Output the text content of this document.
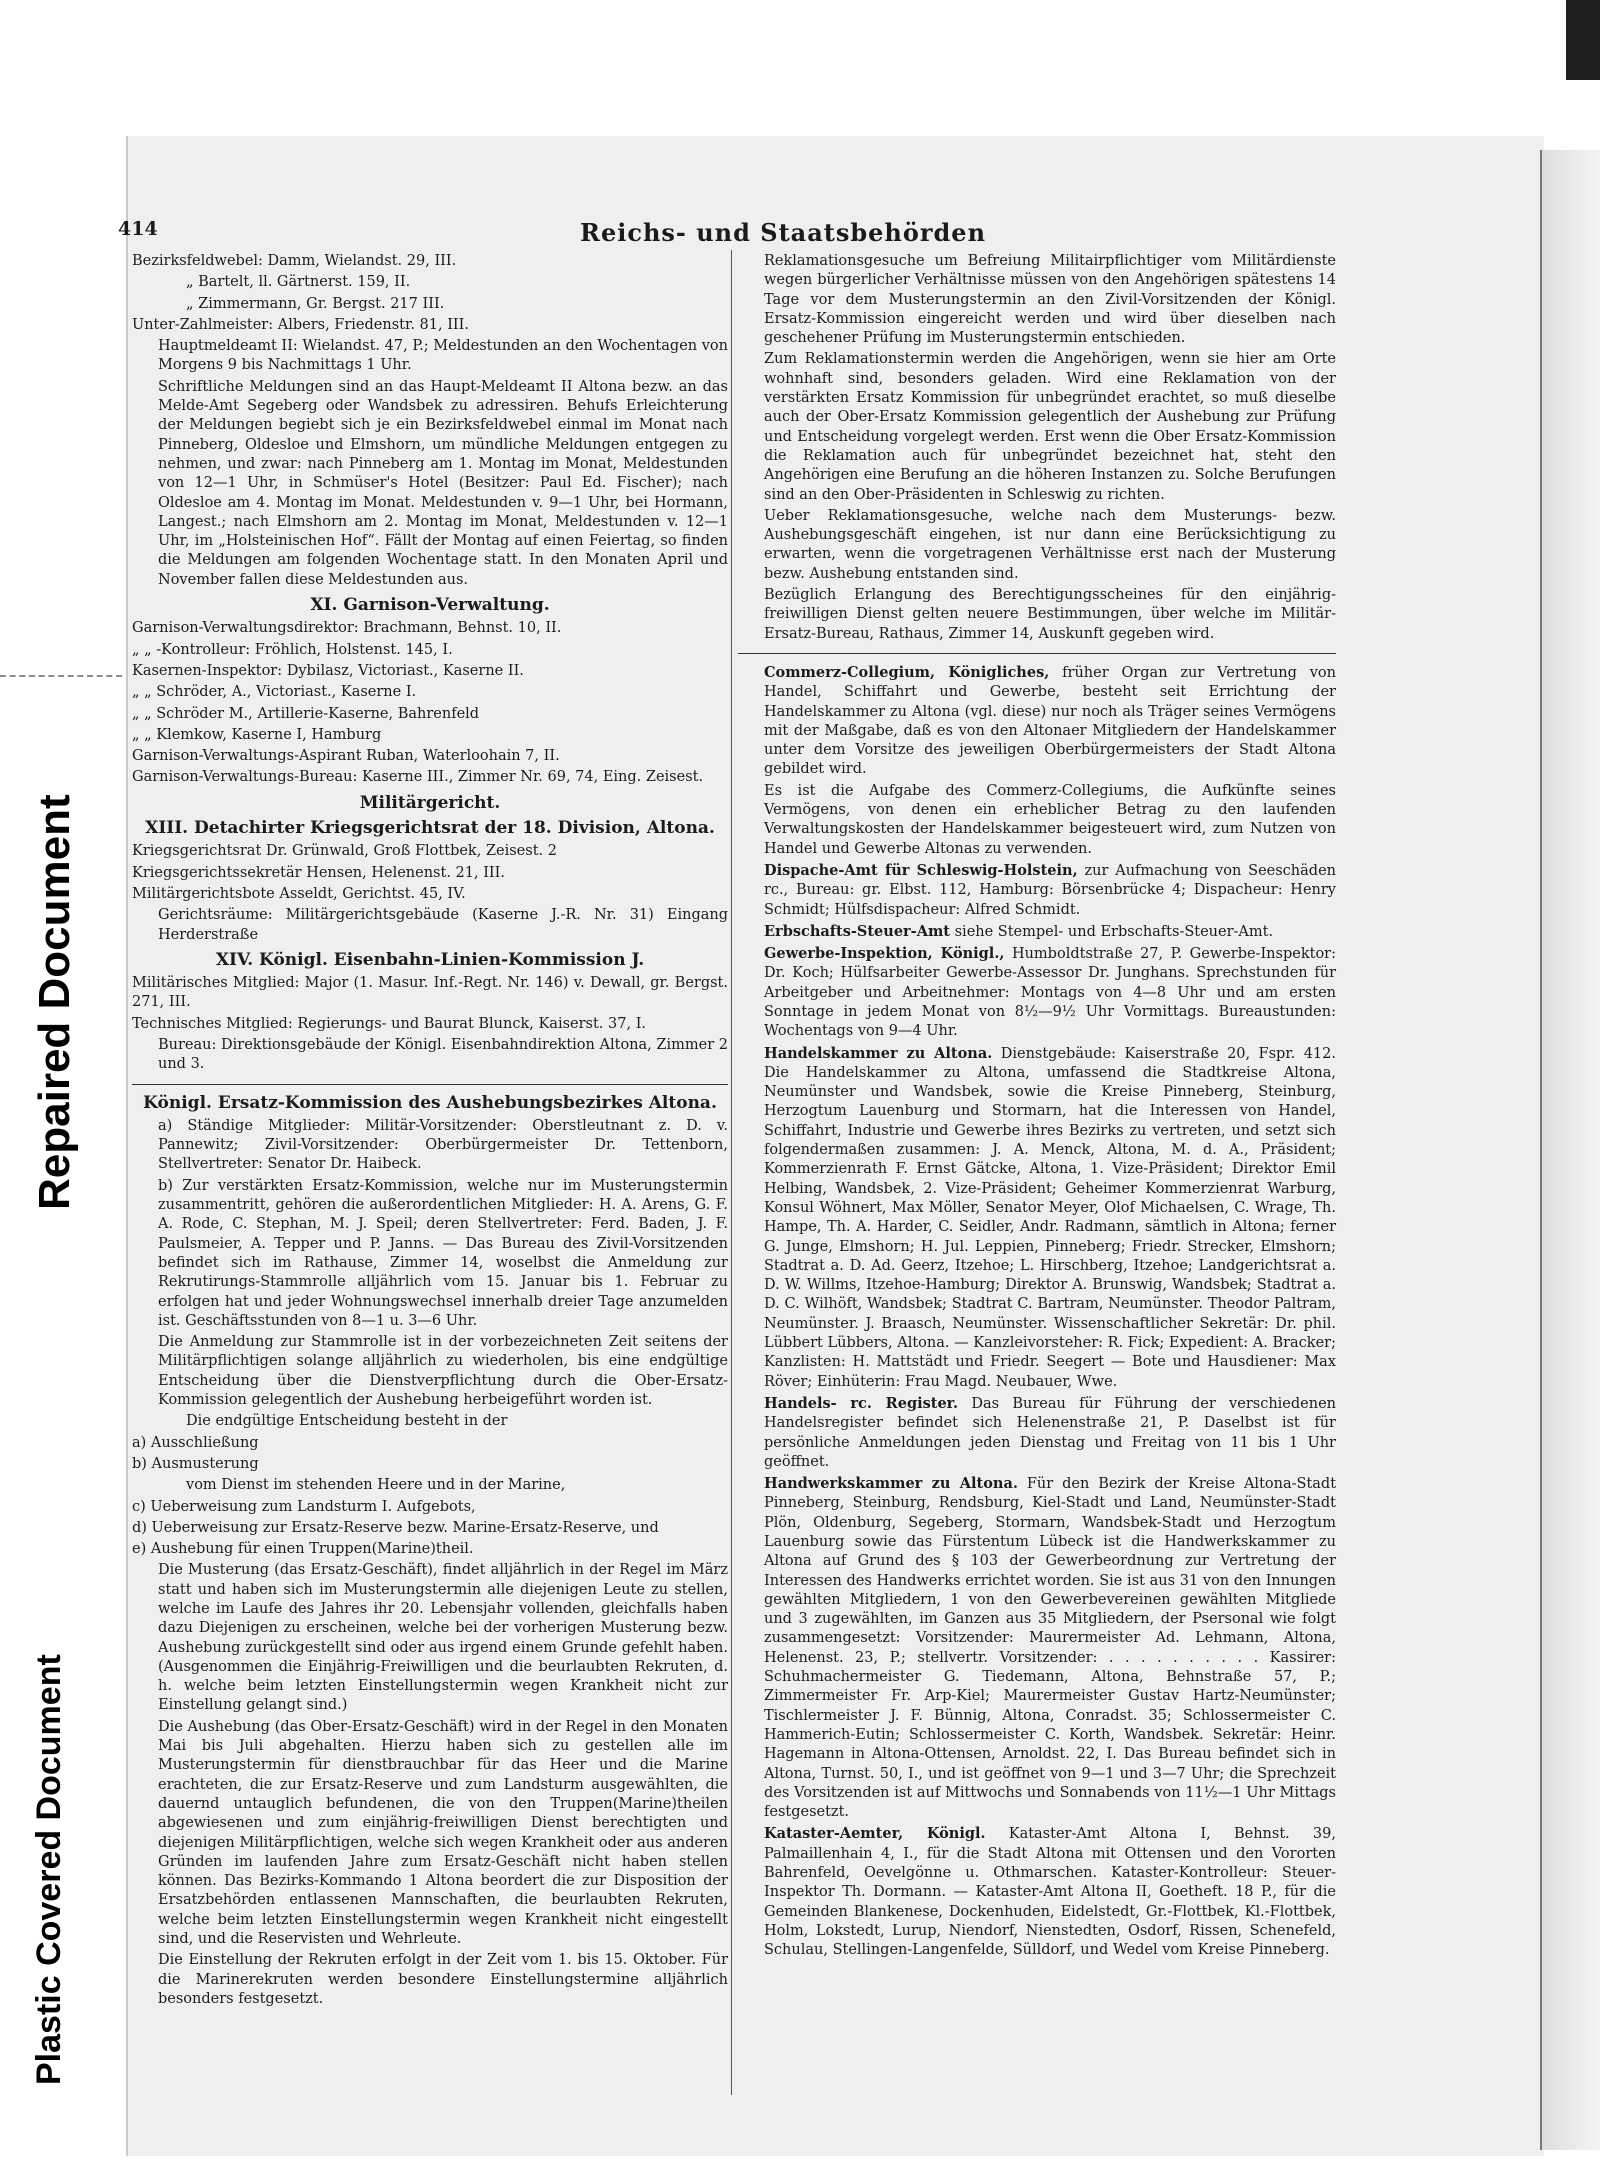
Repaired Document
Plastic Covered Document
414	Reichs- und Staatsbehörden

Bezirksfeldwebel: Damm, Wielandst. 29, III.

„ Bartelt, ll. Gärtnerst. 159, II.

„ Zimmermann, Gr. Bergst. 217 III.

Unter-Zahlmeister: Albers, Friedenstr. 81, III.

Hauptmeldeamt II: Wielandst. 47, P.; Meldestunden an den Wochentagen von Morgens 9 bis Nachmittags 1 Uhr.

Schriftliche Meldungen sind an das Haupt-Meldeamt II Altona bezw. an das Melde-Amt Segeberg oder Wandsbek zu adressiren. Behufs Erleichterung der Meldungen begiebt sich je ein Bezirksfeldwebel einmal im Monat nach Pinneberg, Oldesloe und Elmshorn, um mündliche Meldungen entgegen zu nehmen, und zwar: nach Pinneberg am 1. Montag im Monat, Meldestunden von 12—1 Uhr, in Schmüser's Hotel (Besitzer: Paul Ed. Fischer); nach Oldesloe am 4. Montag im Monat. Meldestunden v. 9—1 Uhr, bei Hormann, Langest.; nach Elmshorn am 2. Montag im Monat, Meldestunden v. 12—1 Uhr, im „Holsteinischen Hof“. Fällt der Montag auf einen Feiertag, so finden die Meldungen am folgenden Wochentage statt. In den Monaten April und November fallen diese Meldestunden aus.

XI. Garnison-Verwaltung.

Garnison-Verwaltungsdirektor: Brachmann, Behnst. 10, II.

„ „ -Kontrolleur: Fröhlich, Holstenst. 145, I.

Kasernen-Inspektor: Dybilasz, Victoriast., Kaserne II.

„ „ Schröder, A., Victoriast., Kaserne I.

„ „ Schröder M., Artillerie-Kaserne, Bahrenfeld

„ „ Klemkow, Kaserne I, Hamburg

Garnison-Verwaltungs-Aspirant Ruban, Waterloohain 7, II.

Garnison-Verwaltungs-Bureau: Kaserne III., Zimmer Nr. 69, 74, Eing. Zeisest.

Militärgericht.
XIII. Detachirter Kriegsgerichtsrat der 18. Division, Altona.

Kriegsgerichtsrat Dr. Grünwald, Groß Flottbek, Zeisest. 2

Kriegsgerichtssekretär Hensen, Helenenst. 21, III.

Militärgerichtsbote Asseldt, Gerichtst. 45, IV.

Gerichtsräume: Militärgerichtsgebäude (Kaserne J.-R. Nr. 31) Eingang Herderstraße

XIV. Königl. Eisenbahn-Linien-Kommission J.

Militärisches Mitglied: Major (1. Masur. Inf.-Regt. Nr. 146) v. Dewall, gr. Bergst. 271, III.

Technisches Mitglied: Regierungs- und Baurat Blunck, Kaiserst. 37, I.

Bureau: Direktionsgebäude der Königl. Eisenbahndirektion Altona, Zimmer 2 und 3.

Königl. Ersatz-Kommission des Aushebungsbezirkes Altona.

a) Ständige Mitglieder: Militär-Vorsitzender: Oberstleutnant z. D. v. Pannewitz; Zivil-Vorsitzender: Oberbürgermeister Dr. Tettenborn, Stellvertreter: Senator Dr. Haibeck.

b) Zur verstärkten Ersatz-Kommission, welche nur im Musterungstermin zusammentritt, gehören die außerordentlichen Mitglieder: H. A. Arens, G. F. A. Rode, C. Stephan, M. J. Speil; deren Stellvertreter: Ferd. Baden, J. F. Paulsmeier, A. Tepper und P. Janns. — Das Bureau des Zivil-Vorsitzenden befindet sich im Rathause, Zimmer 14, woselbst die Anmeldung zur Rekrutirungs-Stammrolle alljährlich vom 15. Januar bis 1. Februar zu erfolgen hat und jeder Wohnungswechsel innerhalb dreier Tage anzumelden ist. Geschäftsstunden von 8—1 u. 3—6 Uhr.

Die Anmeldung zur Stammrolle ist in der vorbezeichneten Zeit seitens der Militärpflichtigen solange alljährlich zu wiederholen, bis eine endgültige Entscheidung über die Dienstverpflichtung durch die Ober-Ersatz-Kommission gelegentlich der Aushebung herbeigeführt worden ist.

Die endgültige Entscheidung besteht in der

a) Ausschließung

b) Ausmusterung

vom Dienst im stehenden Heere und in der Marine,

c) Ueberweisung zum Landsturm I. Aufgebots,

d) Ueberweisung zur Ersatz-Reserve bezw. Marine-Ersatz-Reserve, und

e) Aushebung für einen Truppen(Marine)theil.

Die Musterung (das Ersatz-Geschäft), findet alljährlich in der Regel im März statt und haben sich im Musterungstermin alle diejenigen Leute zu stellen, welche im Laufe des Jahres ihr 20. Lebensjahr vollenden, gleichfalls haben dazu Diejenigen zu erscheinen, welche bei der vorherigen Musterung bezw. Aushebung zurückgestellt sind oder aus irgend einem Grunde gefehlt haben. (Ausgenommen die Einjährig-Freiwilligen und die beurlaubten Rekruten, d. h. welche beim letzten Einstellungstermin wegen Krankheit nicht zur Einstellung gelangt sind.)

Die Aushebung (das Ober-Ersatz-Geschäft) wird in der Regel in den Monaten Mai bis Juli abgehalten. Hierzu haben sich zu gestellen alle im Musterungstermin für dienstbrauchbar für das Heer und die Marine erachteten, die zur Ersatz-Reserve und zum Landsturm ausgewählten, die dauernd untauglich befundenen, die von den Truppen(Marine)theilen abgewiesenen und zum einjährig-freiwilligen Dienst berechtigten und diejenigen Militärpflichtigen, welche sich wegen Krankheit oder aus anderen Gründen im laufenden Jahre zum Ersatz-Geschäft nicht haben stellen können. Das Bezirks-Kommando 1 Altona beordert die zur Disposition der Ersatzbehörden entlassenen Mannschaften, die beurlaubten Rekruten, welche beim letzten Einstellungstermin wegen Krankheit nicht eingestellt sind, und die Reservisten und Wehrleute.

Die Einstellung der Rekruten erfolgt in der Zeit vom 1. bis 15. Oktober. Für die Marinerekruten werden besondere Einstellungstermine alljährlich besonders festgesetzt.

Reklamationsgesuche um Befreiung Militairpflichtiger vom Militärdienste wegen bürgerlicher Verhältnisse müssen von den Angehörigen spätestens 14 Tage vor dem Musterungstermin an den Zivil-Vorsitzenden der Königl. Ersatz-Kommission eingereicht werden und wird über dieselben nach geschehener Prüfung im Musterungstermin entschieden.

Zum Reklamationstermin werden die Angehörigen, wenn sie hier am Orte wohnhaft sind, besonders geladen. Wird eine Reklamation von der verstärkten Ersatz Kommission für unbegründet erachtet, so muß dieselbe auch der Ober-Ersatz Kommission gelegentlich der Aushebung zur Prüfung und Entscheidung vorgelegt werden. Erst wenn die Ober Ersatz-Kommission die Reklamation auch für unbegründet bezeichnet hat, steht den Angehörigen eine Berufung an die höheren Instanzen zu. Solche Berufungen sind an den Ober-Präsidenten in Schleswig zu richten.

Ueber Reklamationsgesuche, welche nach dem Musterungs- bezw. Aushebungsgeschäft eingehen, ist nur dann eine Berücksichtigung zu erwarten, wenn die vorgetragenen Verhältnisse erst nach der Musterung bezw. Aushebung entstanden sind.

Bezüglich Erlangung des Berechtigungsscheines für den einjährig-freiwilligen Dienst gelten neuere Bestimmungen, über welche im Militär-Ersatz-Bureau, Rathaus, Zimmer 14, Auskunft gegeben wird.

Commerz-Collegium, Königliches, früher Organ zur Vertretung von Handel, Schiffahrt und Gewerbe, besteht seit Errichtung der Handelskammer zu Altona (vgl. diese) nur noch als Träger seines Vermögens mit der Maßgabe, daß es von den Altonaer Mitgliedern der Handelskammer unter dem Vorsitze des jeweiligen Oberbürgermeisters der Stadt Altona gebildet wird.

Es ist die Aufgabe des Commerz-Collegiums, die Aufkünfte seines Vermögens, von denen ein erheblicher Betrag zu den laufenden Verwaltungskosten der Handelskammer beigesteuert wird, zum Nutzen von Handel und Gewerbe Altonas zu verwenden.

Dispache-Amt für Schleswig-Holstein, zur Aufmachung von Seeschäden rc., Bureau: gr. Elbst. 112, Hamburg: Börsenbrücke 4; Dispacheur: Henry Schmidt; Hülfsdispacheur: Alfred Schmidt.

Erbschafts-Steuer-Amt siehe Stempel- und Erbschafts-Steuer-Amt.

Gewerbe-Inspektion, Königl., Humboldtstraße 27, P. Gewerbe-Inspektor: Dr. Koch; Hülfsarbeiter Gewerbe-Assessor Dr. Junghans. Sprechstunden für Arbeitgeber und Arbeitnehmer: Montags von 4—8 Uhr und am ersten Sonntage in jedem Monat von 8½—9½ Uhr Vormittags. Bureaustunden: Wochentags von 9—4 Uhr.

Handelskammer zu Altona. Dienstgebäude: Kaiserstraße 20, Fspr. 412. Die Handelskammer zu Altona, umfassend die Stadtkreise Altona, Neumünster und Wandsbek, sowie die Kreise Pinneberg, Steinburg, Herzogtum Lauenburg und Stormarn, hat die Interessen von Handel, Schiffahrt, Industrie und Gewerbe ihres Bezirks zu vertreten, und setzt sich folgendermaßen zusammen: J. A. Menck, Altona, M. d. A., Präsident; Kommerzienrath F. Ernst Gätcke, Altona, 1. Vize-Präsident; Direktor Emil Helbing, Wandsbek, 2. Vize-Präsident; Geheimer Kommerzienrat Warburg, Konsul Wöhnert, Max Möller, Senator Meyer, Olof Michaelsen, C. Wrage, Th. Hampe, Th. A. Harder, C. Seidler, Andr. Radmann, sämtlich in Altona; ferner G. Junge, Elmshorn; H. Jul. Leppien, Pinneberg; Friedr. Strecker, Elmshorn; Stadtrat a. D. Ad. Geerz, Itzehoe; L. Hirschberg, Itzehoe; Landgerichtsrat a. D. W. Willms, Itzehoe-Hamburg; Direktor A. Brunswig, Wandsbek; Stadtrat a. D. C. Wilhöft, Wandsbek; Stadtrat C. Bartram, Neumünster. Theodor Paltram, Neumünster. J. Braasch, Neumünster. Wissenschaftlicher Sekretär: Dr. phil. Lübbert Lübbers, Altona. — Kanzleivorsteher: R. Fick; Expedient: A. Bracker; Kanzlisten: H. Mattstädt und Friedr. Seegert — Bote und Hausdiener: Max Röver; Einhüterin: Frau Magd. Neubauer, Wwe.

Handels- rc. Register. Das Bureau für Führung der verschiedenen Handelsregister befindet sich Helenenstraße 21, P. Daselbst ist für persönliche Anmeldungen jeden Dienstag und Freitag von 11 bis 1 Uhr geöffnet.

Handwerkskammer zu Altona. Für den Bezirk der Kreise Altona-Stadt Pinneberg, Steinburg, Rendsburg, Kiel-Stadt und Land, Neumünster-Stadt Plön, Oldenburg, Segeberg, Stormarn, Wandsbek-Stadt und Herzogtum Lauenburg sowie das Fürstentum Lübeck ist die Handwerkskammer zu Altona auf Grund des § 103 der Gewerbeordnung zur Vertretung der Interessen des Handwerks errichtet worden. Sie ist aus 31 von den Innungen gewählten Mitgliedern, 1 von den Gewerbevereinen gewählten Mitgliede und 3 zugewählten, im Ganzen aus 35 Mitgliedern, der Psersonal wie folgt zusammengesetzt: Vorsitzender: Maurermeister Ad. Lehmann, Altona, Helenenst. 23, P.; stellvertr. Vorsitzender: . . . . . . . . . . Kassirer: Schuhmachermeister G. Tiedemann, Altona, Behnstraße 57, P.; Zimmermeister Fr. Arp-Kiel; Maurermeister Gustav Hartz-Neumünster; Tischlermeister J. F. Bünnig, Altona, Conradst. 35; Schlossermeister C. Hammerich-Eutin; Schlossermeister C. Korth, Wandsbek. Sekretär: Heinr. Hagemann in Altona-Ottensen, Arnoldst. 22, I. Das Bureau befindet sich in Altona, Turnst. 50, I., und ist geöffnet von 9—1 und 3—7 Uhr; die Sprechzeit des Vorsitzenden ist auf Mittwochs und Sonnabends von 11½—1 Uhr Mittags festgesetzt.

Kataster-Aemter, Königl. Kataster-Amt Altona I, Behnst. 39, Palmaillenhain 4, I., für die Stadt Altona mit Ottensen und den Vororten Bahrenfeld, Oevelgönne u. Othmarschen. Kataster-Kontrolleur: Steuer-Inspektor Th. Dormann. — Kataster-Amt Altona II, Goetheft. 18 P., für die Gemeinden Blankenese, Dockenhuden, Eidelstedt, Gr.-Flottbek, Kl.-Flottbek, Holm, Lokstedt, Lurup, Niendorf, Nienstedten, Osdorf, Rissen, Schenefeld, Schulau, Stellingen-Langenfelde, Sülldorf, und Wedel vom Kreise Pinneberg.
